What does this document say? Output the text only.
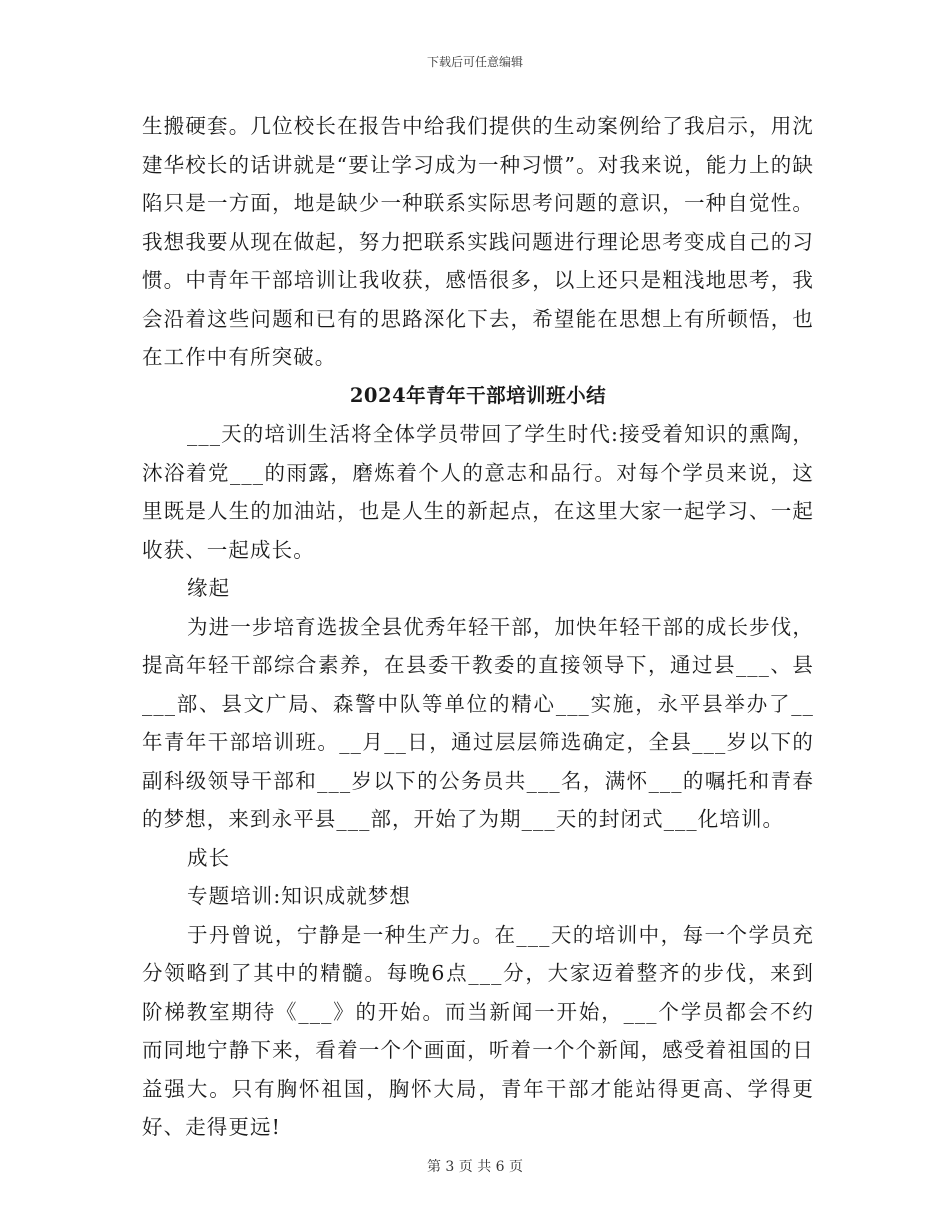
下载后可任意编辑

生搬硬套。几位校长在报告中给我们提供的生动案例给了我启示，用沈建华校长的话讲就是“要让学习成为一种习惯”。对我来说，能力上的缺陷只是一方面，地是缺少一种联系实际思考问题的意识，一种自觉性。我想我要从现在做起，努力把联系实践问题进行理论思考变成自己的习惯。中青年干部培训让我收获，感悟很多，以上还只是粗浅地思考，我会沿着这些问题和已有的思路深化下去，希望能在思想上有所顿悟，也在工作中有所突破。

2024年青年干部培训班小结

___天的培训生活将全体学员带回了学生时代:接受着知识的熏陶，沐浴着党___的雨露，磨炼着个人的意志和品行。对每个学员来说，这里既是人生的加油站，也是人生的新起点，在这里大家一起学习、一起收获、一起成长。

缘起

为进一步培育选拔全县优秀年轻干部，加快年轻干部的成长步伐，提高年轻干部综合素养，在县委干教委的直接领导下，通过县___、县___部、县文广局、森警中队等单位的精心___实施，永平县举办了__年青年干部培训班。__月__日，通过层层筛选确定，全县___岁以下的副科级领导干部和___岁以下的公务员共___名，满怀___的嘱托和青春的梦想，来到永平县___部，开始了为期___天的封闭式___化培训。

成长

专题培训:知识成就梦想

于丹曾说，宁静是一种生产力。在___天的培训中，每一个学员充分领略到了其中的精髓。每晚6点___分，大家迈着整齐的步伐，来到阶梯教室期待《___》的开始。而当新闻一开始，___个学员都会不约而同地宁静下来，看着一个个画面，听着一个个新闻，感受着祖国的日益强大。只有胸怀祖国，胸怀大局，青年干部才能站得更高、学得更好、走得更远!

第 3 页 共 6 页
